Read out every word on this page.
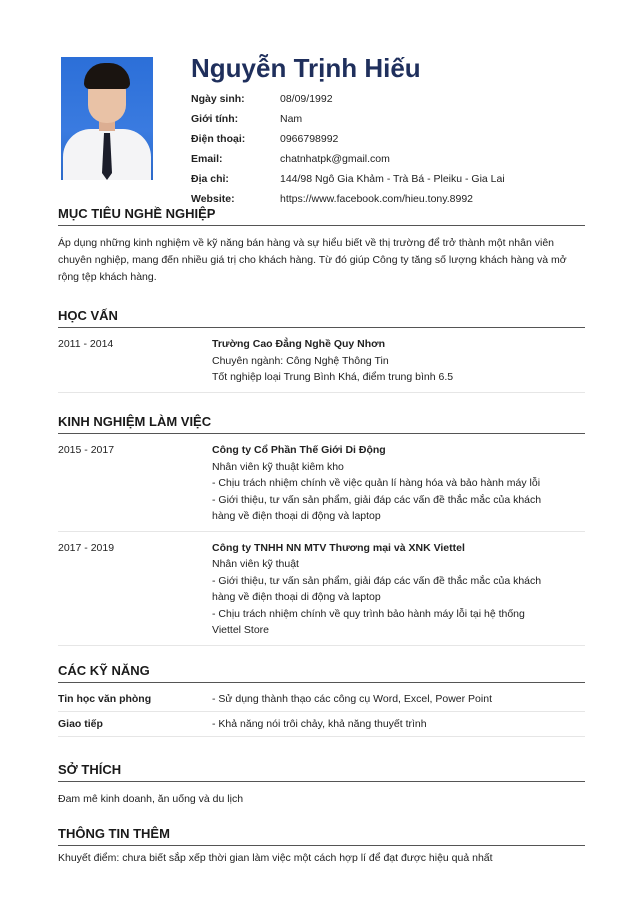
Nguyễn Trịnh Hiếu
Ngày sinh:	08/09/1992
Giới tính:	Nam
Điện thoại:	0966798992
Email:	chatnhatpk@gmail.com
Địa chỉ:	144/98 Ngô Gia Khảm - Trà Bá - Pleiku - Gia Lai
Website:	https://www.facebook.com/hieu.tony.8992
MỤC TIÊU NGHỀ NGHIỆP
Áp dụng những kinh nghiệm về kỹ năng bán hàng và sự hiểu biết về thị trường để trở thành một nhân viên chuyên nghiệp, mang đến nhiều giá trị cho khách hàng. Từ đó giúp Công ty tăng số lượng khách hàng và mở rộng tệp khách hàng.
HỌC VẤN
2011 - 2014	Trường Cao Đẳng Nghề Quy Nhơn
Chuyên ngành: Công Nghệ Thông Tin
Tốt nghiệp loại Trung Bình Khá, điểm trung bình 6.5
KINH NGHIỆM LÀM VIỆC
2015 - 2017	Công ty Cổ Phần Thế Giới Di Động
Nhân viên kỹ thuật kiêm kho
- Chịu trách nhiệm chính về việc quản lí hàng hóa và bảo hành máy lỗi
- Giới thiệu, tư vấn sản phẩm, giải đáp các vấn đề thắc mắc của khách
hàng về điện thoại di động và laptop
2017 - 2019	Công ty TNHH NN MTV Thương mại và XNK Viettel
Nhân viên kỹ thuật
- Giới thiệu, tư vấn sản phẩm, giải đáp các vấn đề thắc mắc của khách
hàng về điện thoại di động và laptop
- Chịu trách nhiệm chính về quy trình bảo hành máy lỗi tại hệ thống
Viettel Store
CÁC KỸ NĂNG
Tin học văn phòng	- Sử dụng thành thạo các công cụ Word, Excel, Power Point
Giao tiếp	- Khả năng nói trôi chảy, khả năng thuyết trình
SỞ THÍCH
Đam mê kinh doanh, ăn uống và du lịch
THÔNG TIN THÊM
Khuyết điểm: chưa biết sắp xếp thời gian làm việc một cách hợp lí để đạt được hiệu quả nhất
